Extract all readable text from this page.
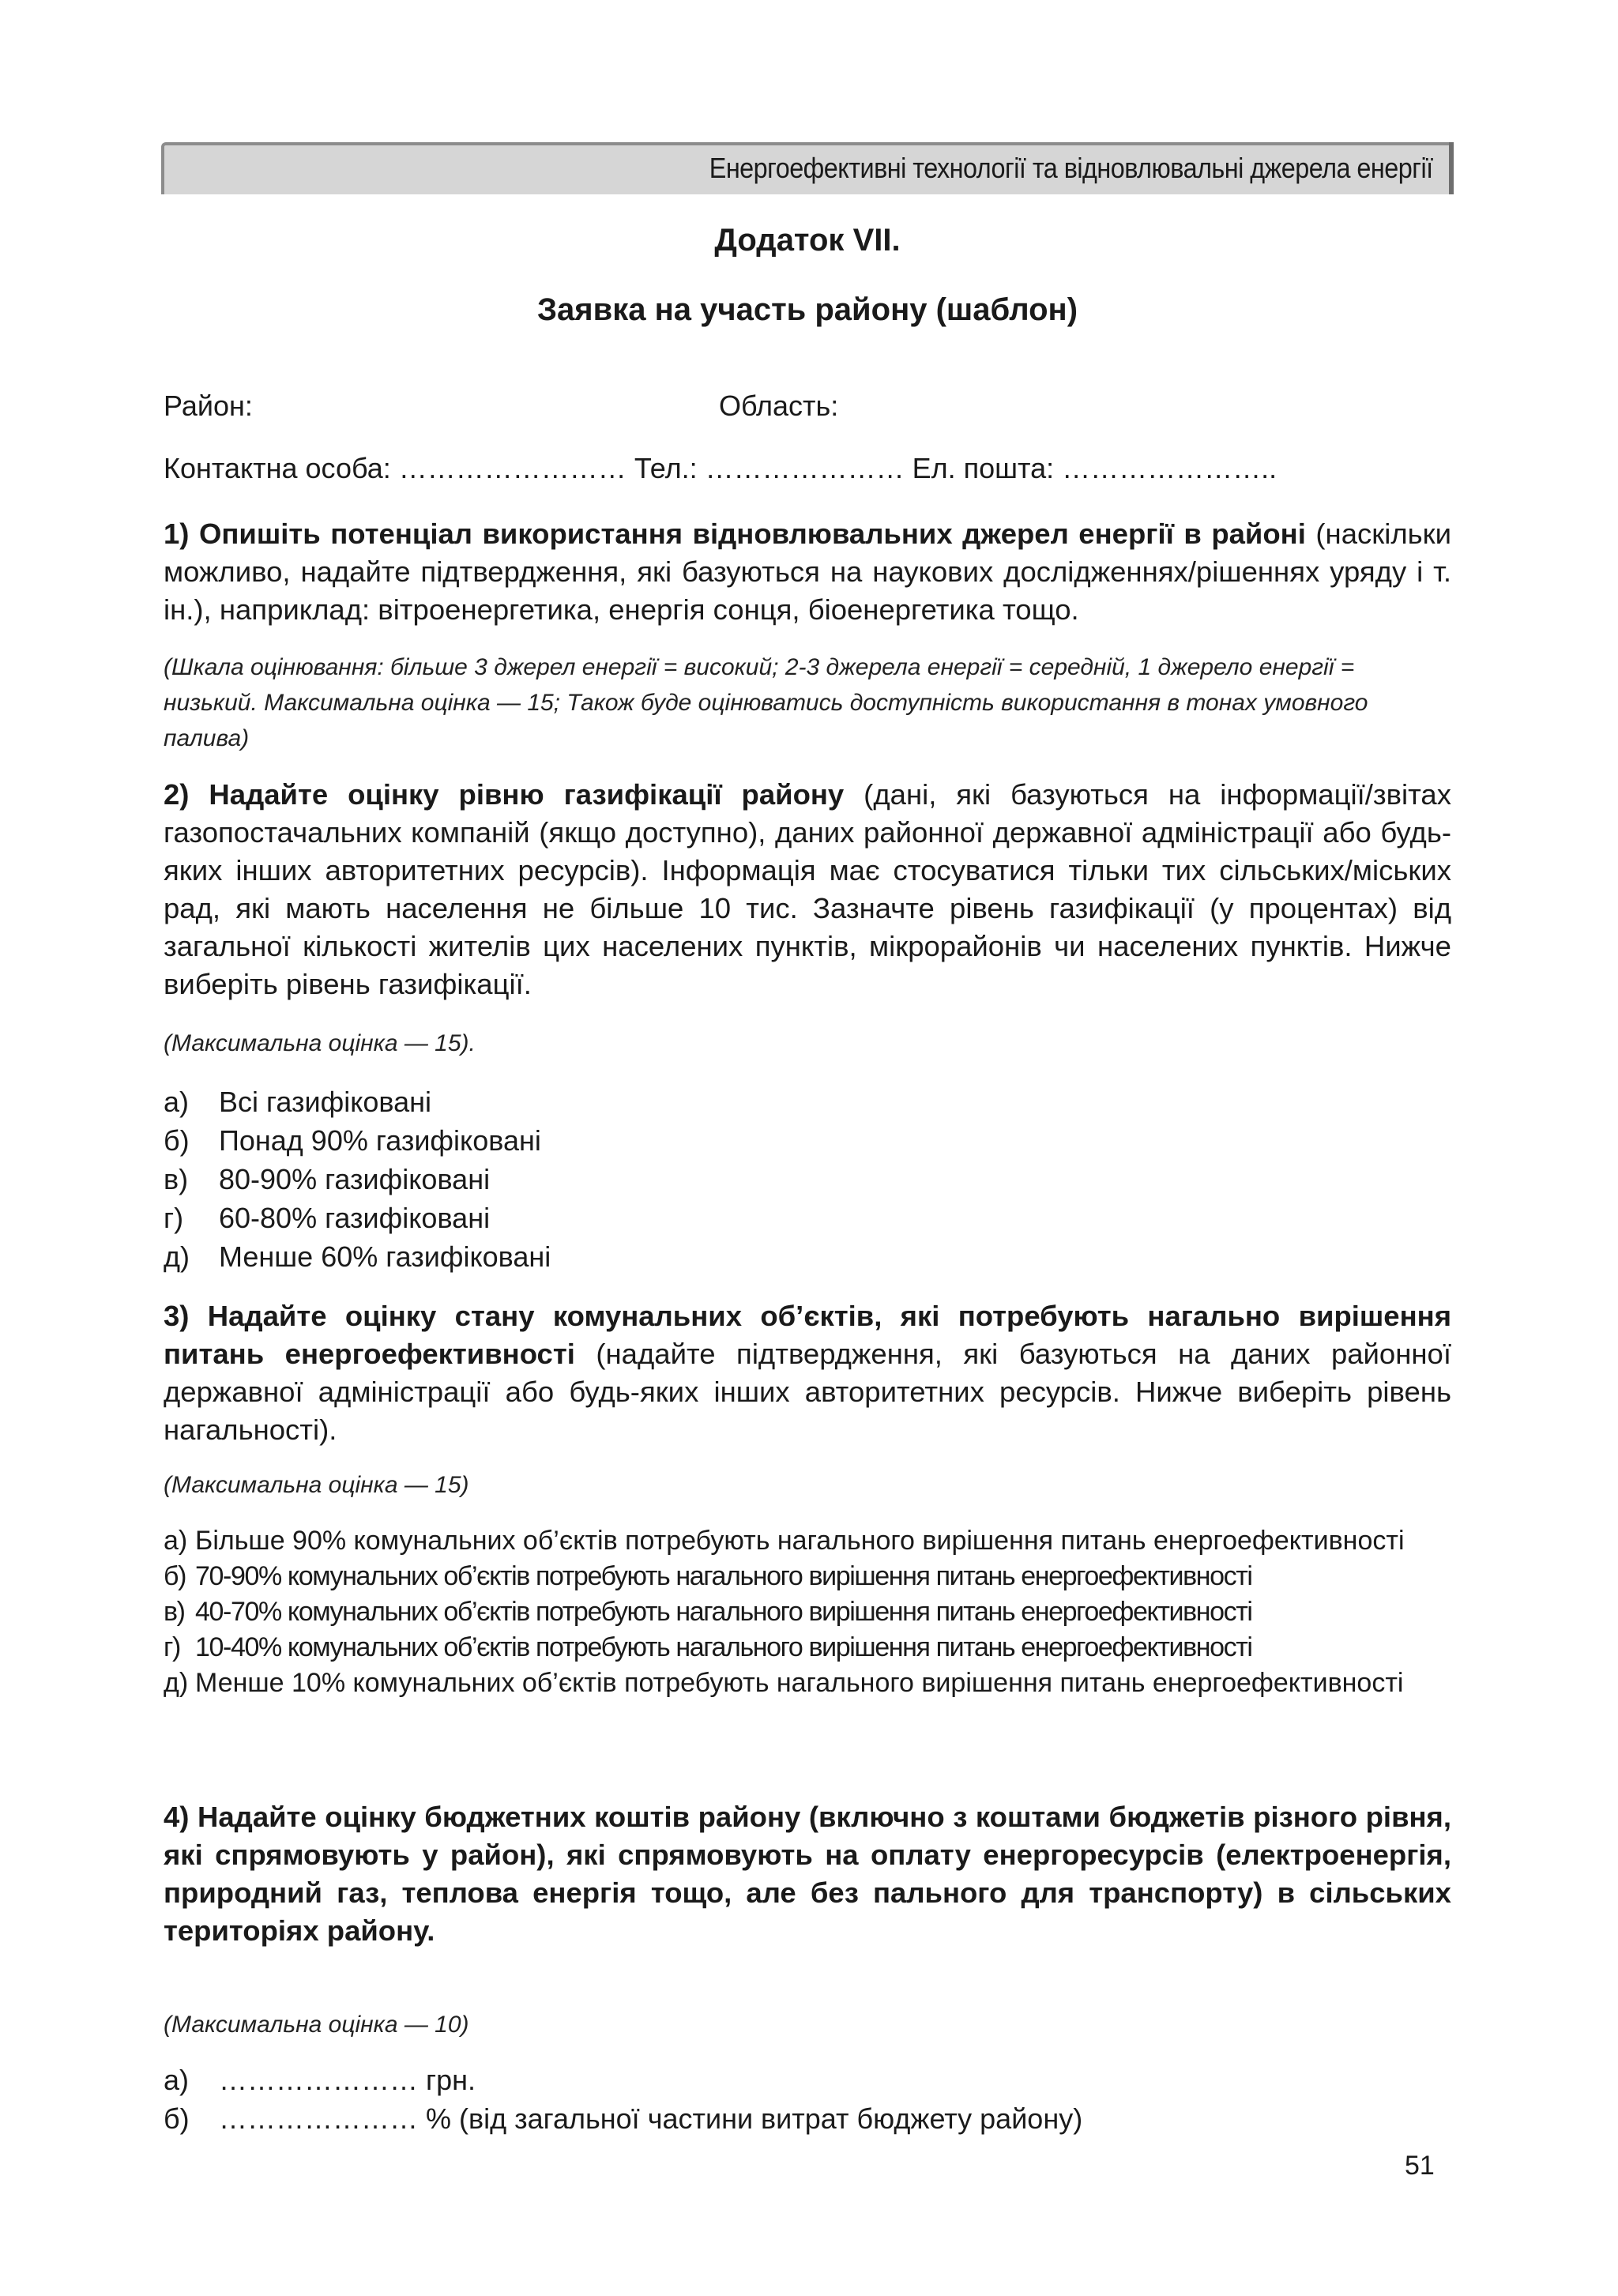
Енергоефективні технології та відновлювальні джерела енергії
Додаток VII.
Заявка на участь району (шаблон)
Район:	Область:
Контактна особа: …………………… Тел.: ………………… Ел. пошта: …………………..
1) Опишіть потенціал використання відновлювальних джерел енергії в районі (наскільки можливо, надайте підтвердження, які базуються на наукових дослідженнях/рішеннях уряду і т. ін.), наприклад: вітроенергетика, енергія сонця, біоенергетика тощо.
(Шкала оцінювання: більше 3 джерел енергії = високий; 2-3 джерела енергії = середній, 1 джерело енергії = низький. Максимальна оцінка — 15; Також буде оцінюватись доступність використання в тонах умовного палива)
2) Надайте оцінку рівню газифікації району (дані, які базуються на інформації/звітах газопостачальних компаній (якщо доступно), даних районної державної адміністрації або будь-яких інших авторитетних ресурсів). Інформація має стосуватися тільки тих сільських/міських рад, які мають населення не більше 10 тис. Зазначте рівень газифікації (у процентах) від загальної кількості жителів цих населених пунктів, мікрорайонів чи населених пунктів. Нижче виберіть рівень газифікації.
(Максимальна оцінка — 15).
а)	Всі газифіковані
б)	Понад 90% газифіковані
в)	80-90% газифіковані
г)	60-80% газифіковані
д)	Менше 60% газифіковані
3) Надайте оцінку стану комунальних об’єктів, які потребують нагально вирішення питань енергоефективності (надайте підтвердження, які базуються на даних районної державної адміністрації або будь-яких інших авторитетних ресурсів. Нижче виберіть рівень нагальності).
(Максимальна оцінка — 15)
а) Більше 90% комунальних об’єктів потребують нагального вирішення питань енергоефективності
б) 70-90% комунальних об’єктів потребують нагального вирішення питань енергоефективності
в) 40-70% комунальних об’єктів потребують нагального вирішення питань енергоефективності
г) 10-40% комунальних об’єктів потребують нагального вирішення питань енергоефективності
д) Менше 10% комунальних об’єктів потребують нагального вирішення питань енергоефективності
4) Надайте оцінку бюджетних коштів району (включно з коштами бюджетів різного рівня, які спрямовують у район), які спрямовують на оплату енергоресурсів (електроенергія, природний газ, теплова енергія тощо, але без пального для транспорту) в сільських територіях району.
(Максимальна оцінка — 10)
а)	………………… грн.
б)	………………… % (від загальної частини витрат бюджету району)
51
